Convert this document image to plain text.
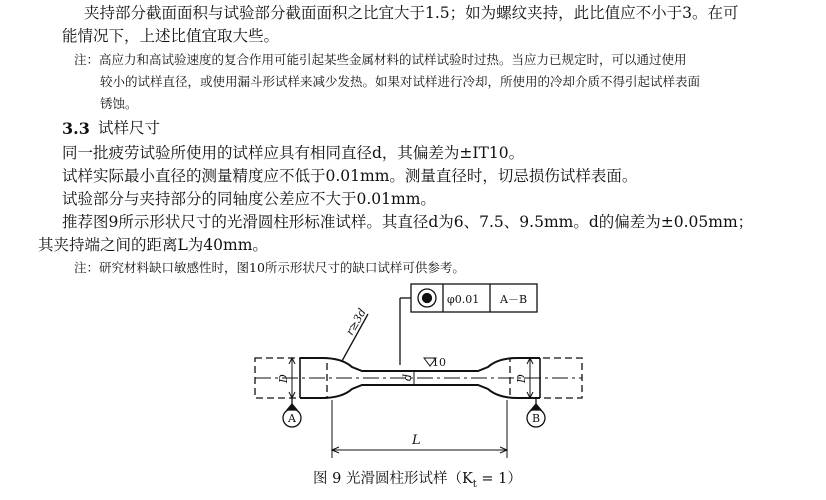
夹持部分截面面积与试验部分截面面积之比宜大于1.5；如为螺纹夹持，此比值应不小于3。在可
能情况下，上述比值宜取大些。
注：高应力和高试验速度的复合作用可能引起某些金属材料的试样试验时过热。当应力已规定时，可以通过使用
较小的试样直径，或使用漏斗形试样来减少发热。如果对试样进行冷却，所使用的冷却介质不得引起试样表面
锈蚀。
3.3 试样尺寸
同一批疲劳试验所使用的试样应具有相同直径d，其偏差为±IT10。
试样实际最小直径的测量精度应不低于0.01mm。测量直径时，切忌损伤试样表面。
试验部分与夹持部分的同轴度公差应不大于0.01mm。
推荐图9所示形状尺寸的光滑圆柱形标准试样。其直径d为6、7.5、9.5mm。d的偏差为±0.05mm；
其夹持端之间的距离L为40mm。
注：研究材料缺口敏感性时，图10所示形状尺寸的缺口试样可供参考。
φ0.01 A－B
r≥3d
10
D	D
d
A	B
L
图 9 光滑圆柱形试样$(K_t = 1)$
